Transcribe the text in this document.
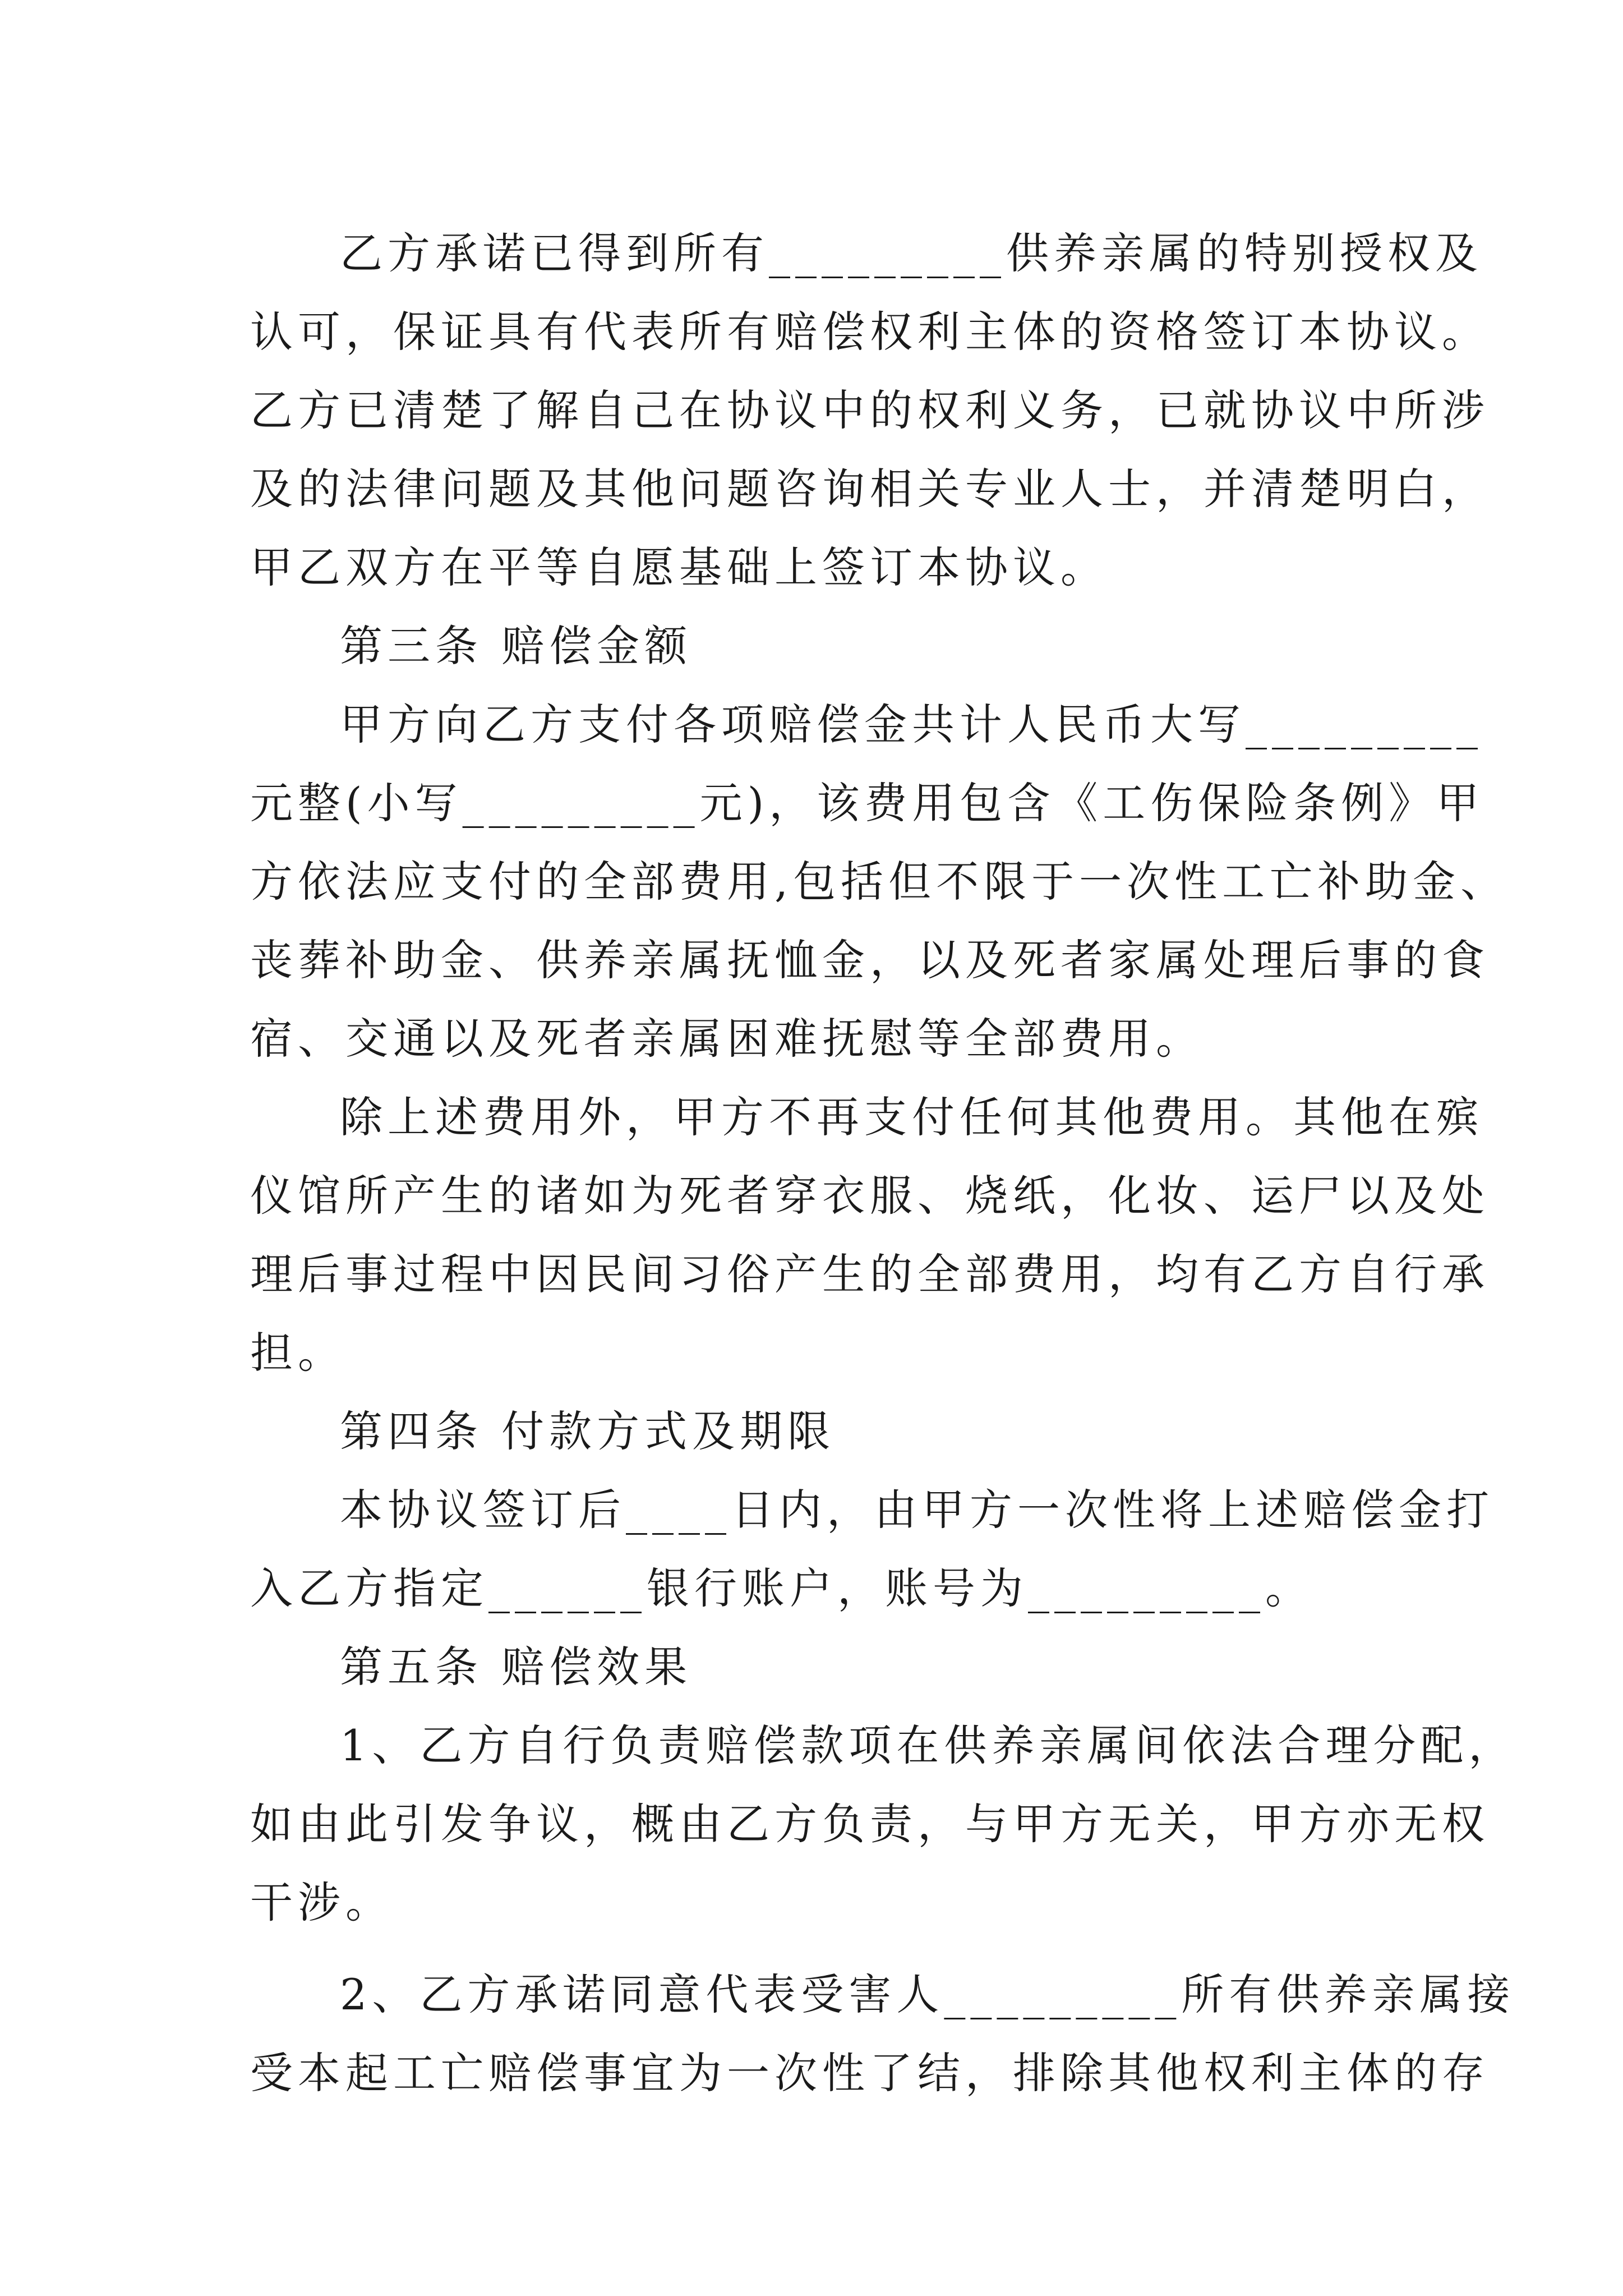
乙方承诺已得到所有_________供养亲属的特别授权及
认可，保证具有代表所有赔偿权利主体的资格签订本协议。
乙方已清楚了解自己在协议中的权利义务，已就协议中所涉
及的法律问题及其他问题咨询相关专业人士，并清楚明白，
甲乙双方在平等自愿基础上签订本协议。
第三条 赔偿金额
甲方向乙方支付各项赔偿金共计人民币大写_________
元整(小写_________元)，该费用包含《工伤保险条例》甲
方依法应支付的全部费用,包括但不限于一次性工亡补助金、
丧葬补助金、供养亲属抚恤金，以及死者家属处理后事的食
宿、交通以及死者亲属困难抚慰等全部费用。
除上述费用外，甲方不再支付任何其他费用。其他在殡
仪馆所产生的诸如为死者穿衣服、烧纸，化妆、运尸以及处
理后事过程中因民间习俗产生的全部费用，均有乙方自行承
担。
第四条 付款方式及期限
本协议签订后____日内，由甲方一次性将上述赔偿金打
入乙方指定______银行账户，账号为_________。
第五条 赔偿效果
1、乙方自行负责赔偿款项在供养亲属间依法合理分配，
如由此引发争议，概由乙方负责，与甲方无关，甲方亦无权
干涉。
2、乙方承诺同意代表受害人_________所有供养亲属接
受本起工亡赔偿事宜为一次性了结，排除其他权利主体的存
